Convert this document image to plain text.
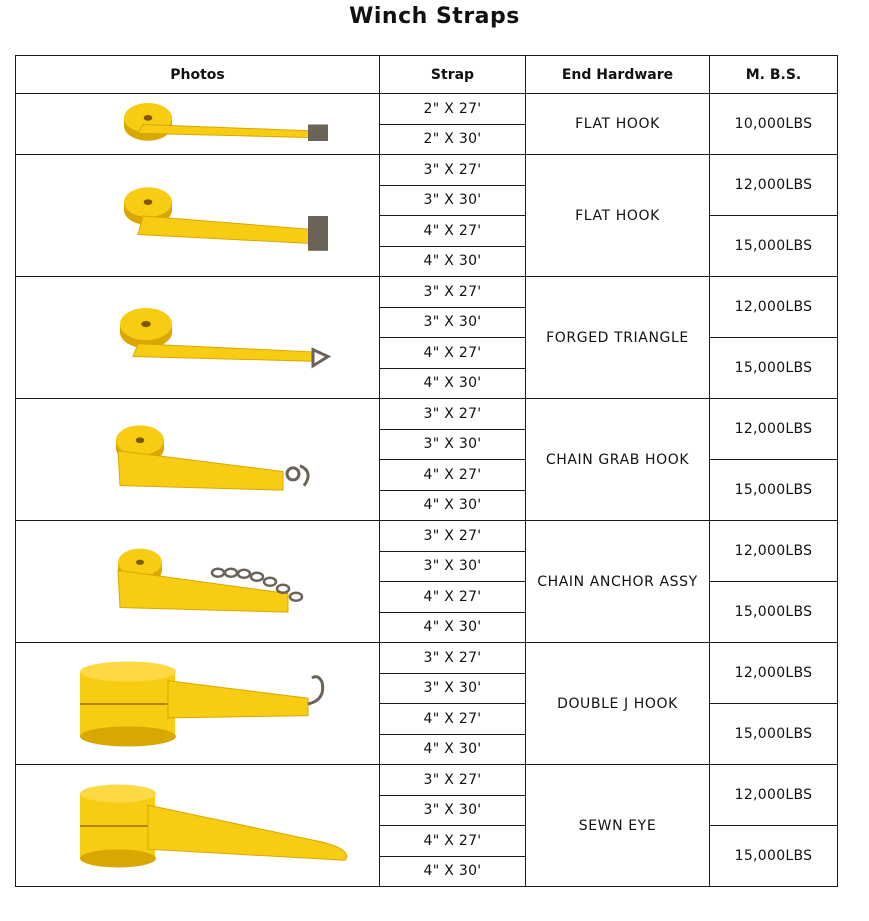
Winch Straps
Photos	Strap	End Hardware	M. B.S.

	2" X 27'	FLAT HOOK	10,000LBS
	2" X 30'		

	3" X 27'	FLAT HOOK	12,000LBS
	3" X 30'		
	4" X 27'		15,000LBS
	4" X 30'		

	3" X 27'	FORGED TRIANGLE	12,000LBS
	3" X 30'		
	4" X 27'		15,000LBS
	4" X 30'		

	3" X 27'	CHAIN GRAB HOOK	12,000LBS
	3" X 30'		
	4" X 27'		15,000LBS
	4" X 30'		

	3" X 27'	CHAIN ANCHOR ASSY	12,000LBS
	3" X 30'		
	4" X 27'		15,000LBS
	4" X 30'		

	3" X 27'	DOUBLE J HOOK	12,000LBS
	3" X 30'		
	4" X 27'		15,000LBS
	4" X 30'		

	3" X 27'	SEWN EYE	12,000LBS
	3" X 30'		
	4" X 27'		15,000LBS
	4" X 30'		
